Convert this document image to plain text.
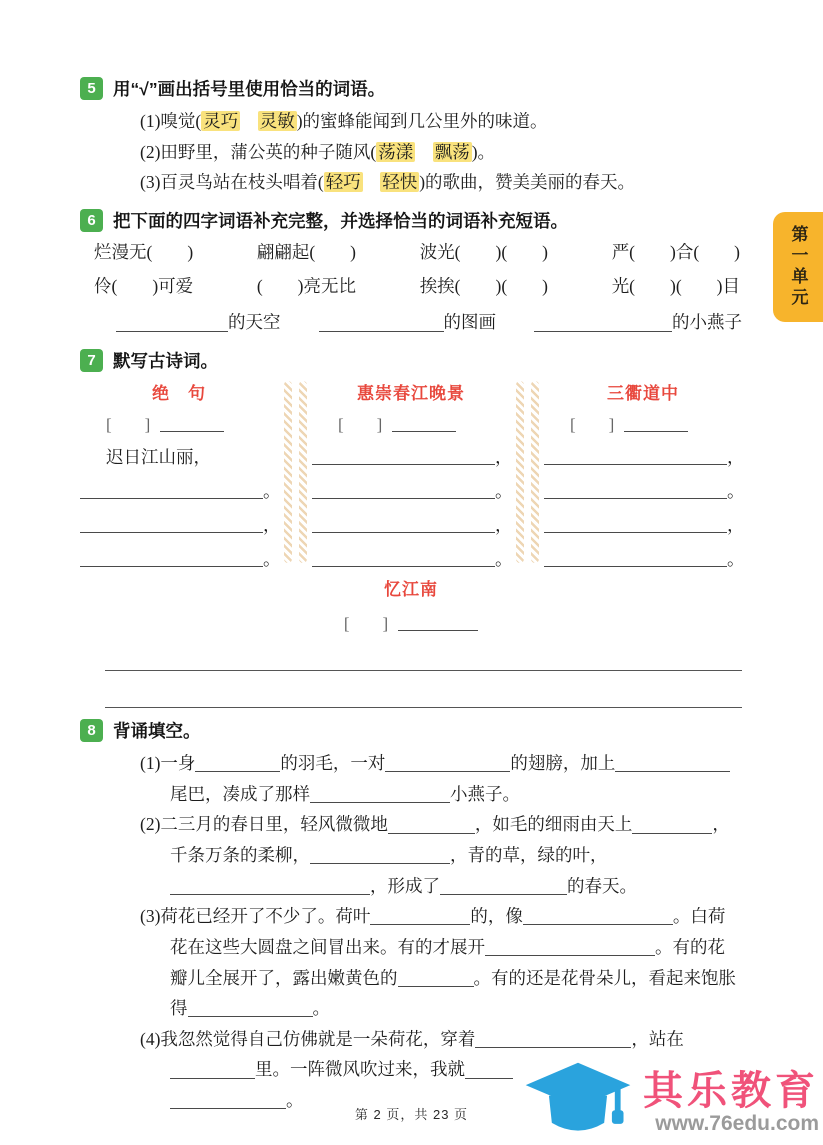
5 用“√”画出括号里使用恰当的词语。
(1)嗅觉( 灵巧　 灵敏 )的蜜蜂能闻到几公里外的味道。
(2)田野里，蒲公英的种子随风( 荡漾　 飘荡 )。
(3)百灵鸟站在枝头唱着( 轻巧　 轻快 )的歌曲，赞美美丽的春天。
6 把下面的四字词语补充完整，并选择恰当的词语补充短语。
烂漫无(　　)	翩翩起(　　)	波光(　　)(　　)	严(　　)合(　　)
伶(　　)可爱	(　　)亮无比	挨挨(　　)(　　)	光(　　)(　　)目
的天空	的图画	的小燕子
7 默写古诗词。
绝　句
[　]
迟日江山丽，
。
，
。
惠崇春江晚景
[　]
，
。
，
。
三衢道中
[　]
，
。
，
。
忆江南
[　]
8 背诵填空。
(1)一身	的羽毛，一对	的翅膀，加上尾巴，凑成了那样	小燕子。
(2)二三月的春日里，轻风微微地	，如毛的细雨由天上	，千条万条的柔柳，	，青的草，绿的叶，，形成了	的春天。
(3)荷花已经开了不少了。荷叶	的，像	。白荷花在这些大圆盘之间冒出来。有的才展开	。有的花瓣儿全展开了，露出嫩黄色的	。有的还是花骨朵儿，看起来饱胀得	。
(4)我忽然觉得自己仿佛就是一朵荷花，穿着	，站在里。一阵微风吹过来，我就。
第一单元
第 2 页，共 23 页
其乐教育
www.76edu.com
